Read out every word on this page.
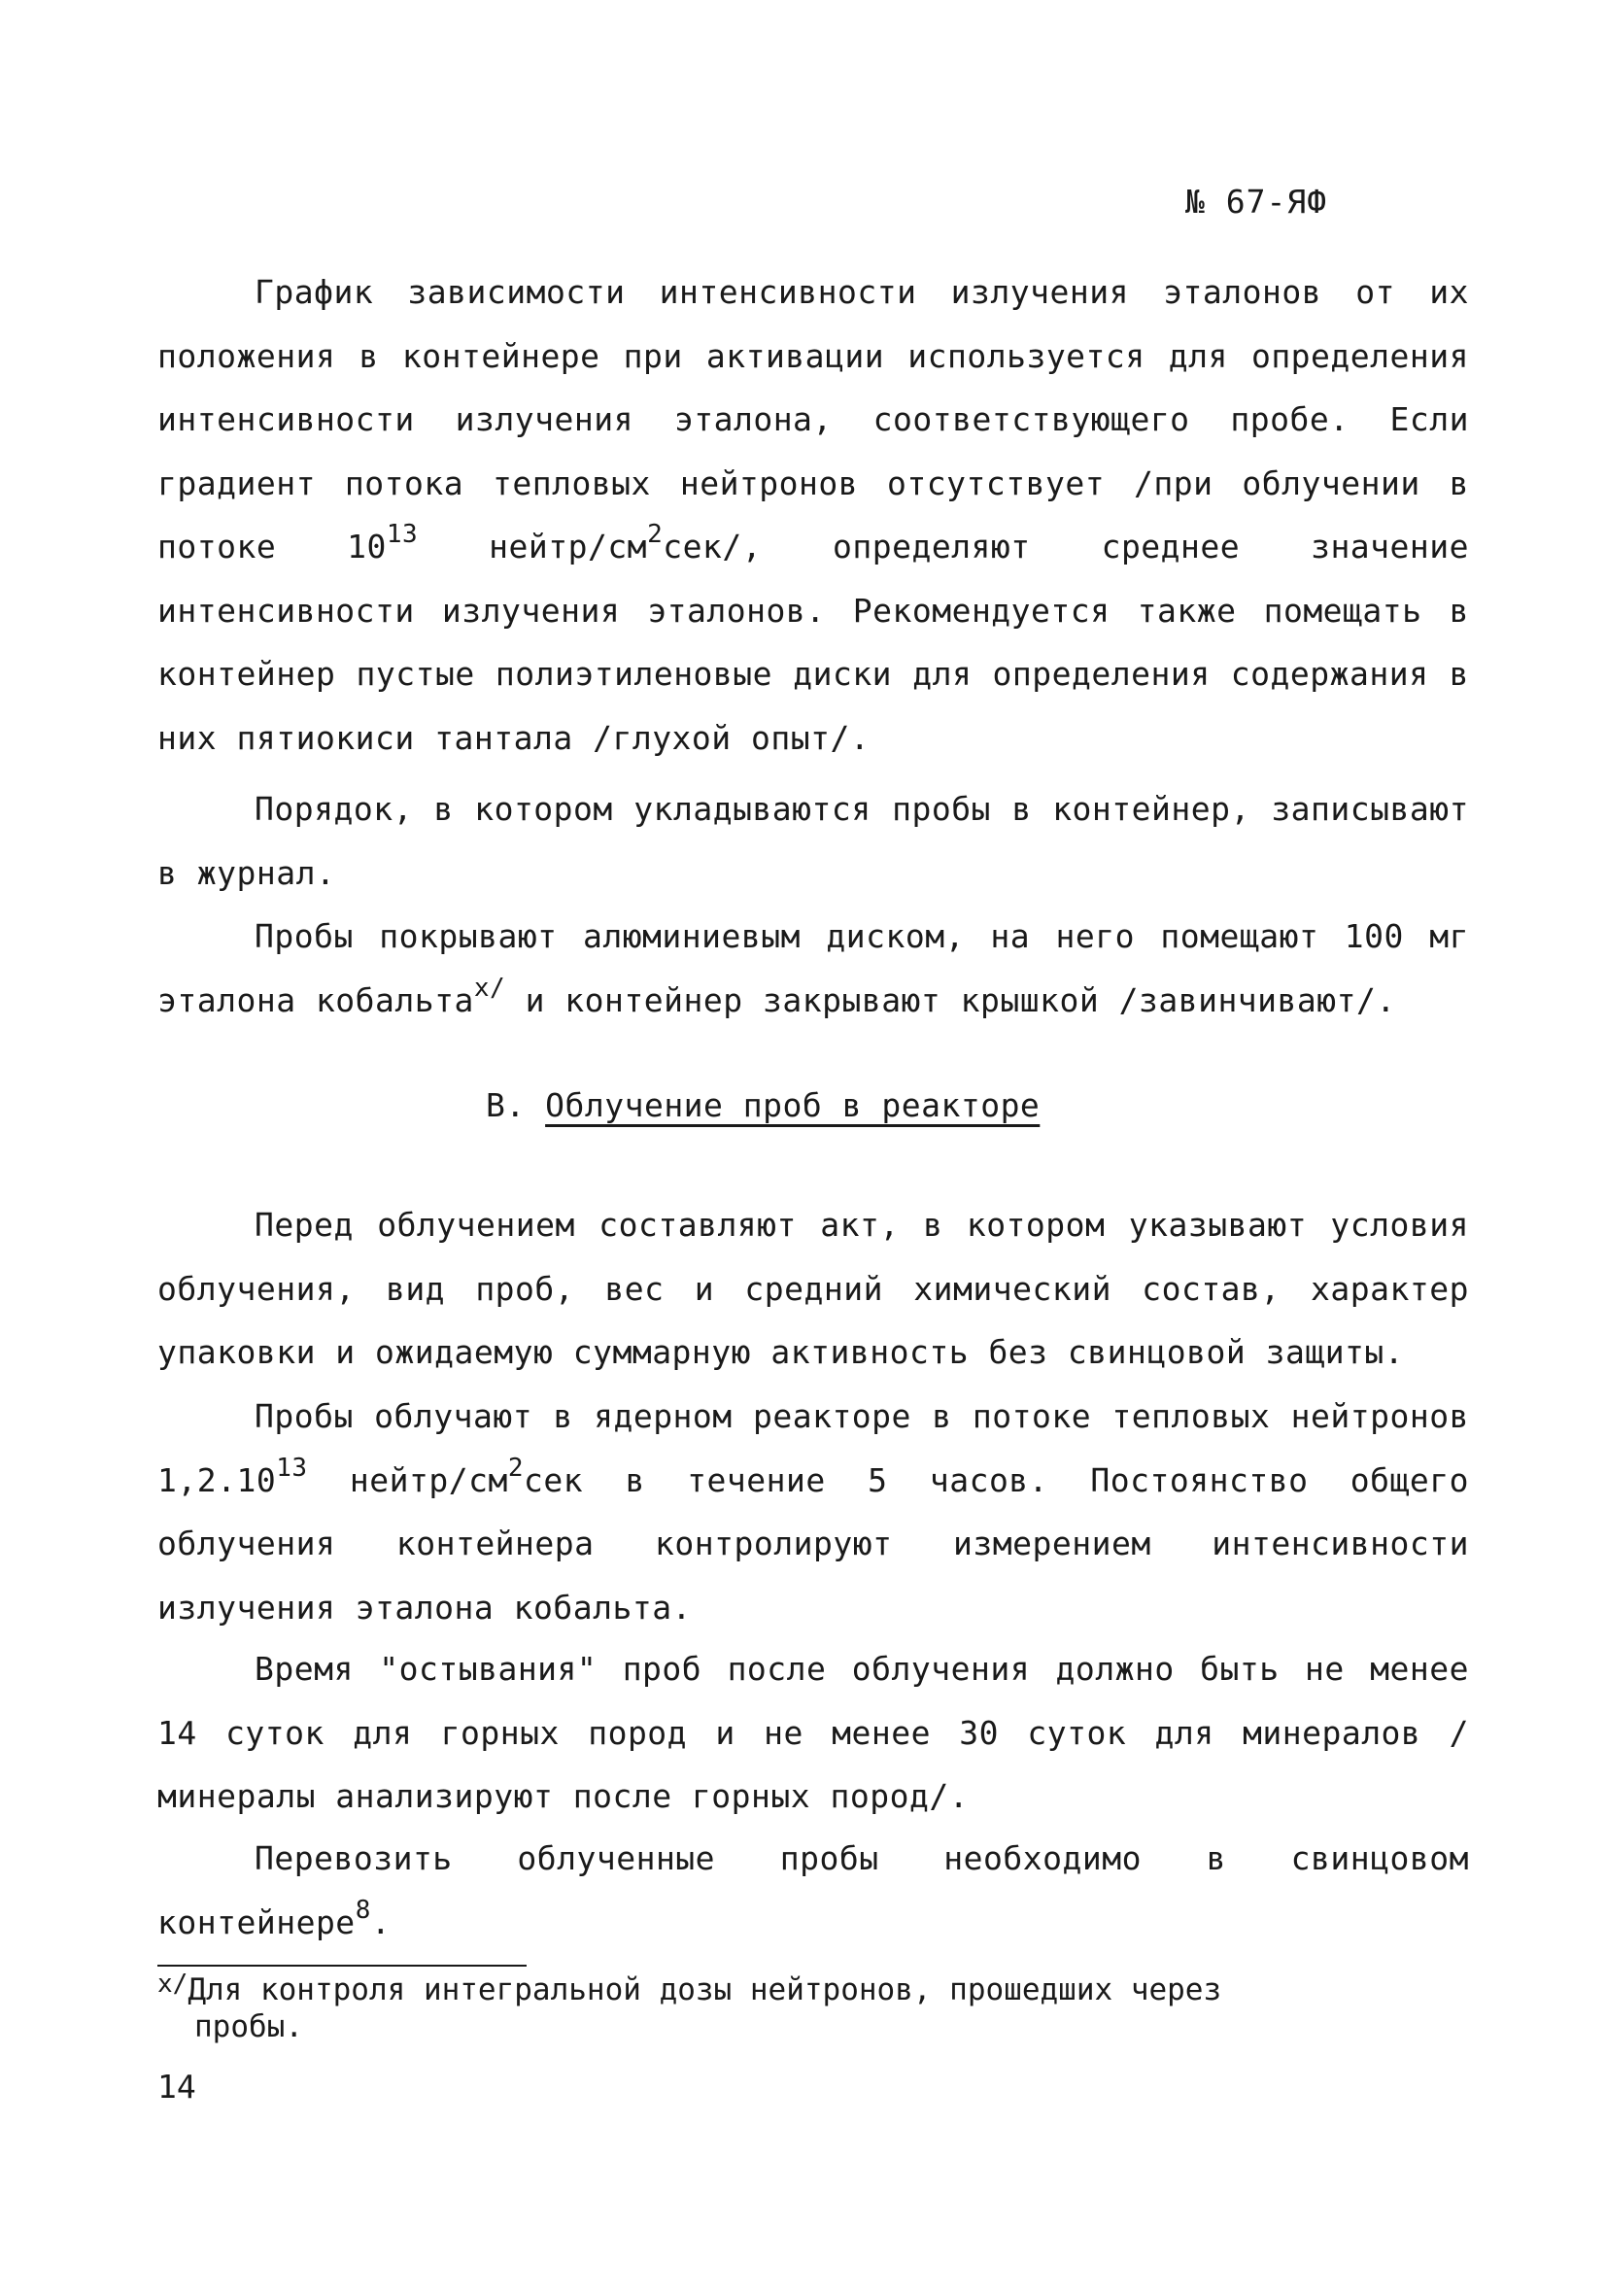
№ 67-ЯФ

График зависимости интенсивности излучения эталонов от их положения в контейнере при активации используется для определения интенсивности излучения эталона, соответствующего пробе. Если градиент потока тепловых нейтронов отсутствует /при облучении в потоке $10^{13}$ нейтр/$см^2сек/$, определяют среднее значение интенсивности излучения эталонов. Рекомендуется также помещать в контейнер пустые полиэтиленовые диски для определения содержания в них пятиокиси тантала /глухой опыт/.

Порядок, в котором укладываются пробы в контейнер, записывают в журнал.

Пробы покрывают алюминиевым диском, на него помещают 100 мг эталона кобальта$^{x/}$ и контейнер закрывают крышкой /завинчивают/.

В. Облучение проб в реакторе

Перед облучением составляют акт, в котором указывают условия облучения, вид проб, вес и средний химический состав, характер упаковки и ожидаемую суммарную активность без свинцовой защиты.

Пробы облучают в ядерном реакторе в потоке тепловых нейтронов 1,2.10$^{13}$ нейтр/$см^2сек$ в течение 5 часов. Постоянство общего облучения контейнера контролируют измерением интенсивности излучения эталона кобальта.

Время "остывания" проб после облучения должно быть не менее 14 суток для горных пород и не менее 30 суток для минералов /минералы анализируют после горных пород/.

Перевозить облученные пробы необходимо в свинцовом контейнере$^8$.

$^{x/}$Для контроля интегральной дозы нейтронов, прошедших через
пробы.
14
